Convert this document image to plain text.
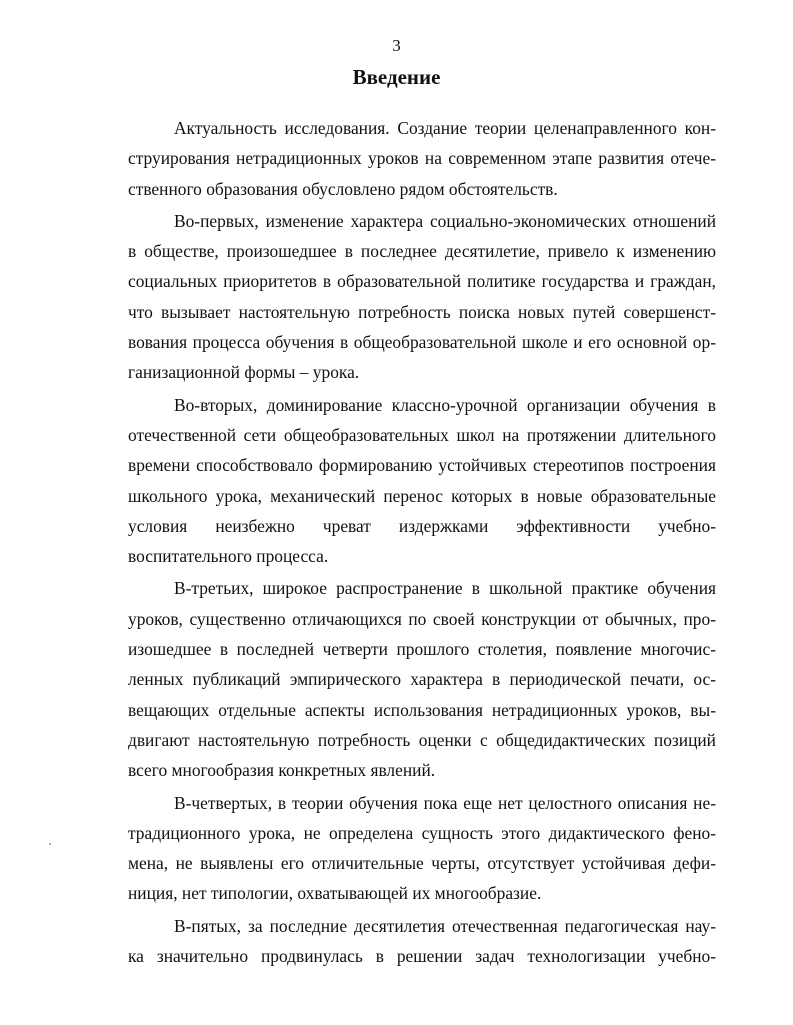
3
Введение
Актуальность исследования. Создание теории целенаправленного кон-
струирования нетрадиционных уроков на современном этапе развития отече-
ственного образования обусловлено рядом обстоятельств.
Во-первых, изменение характера социально-экономических отношений
в обществе, произошедшее в последнее десятилетие, привело к изменению
социальных приоритетов в образовательной политике государства и граждан,
что вызывает настоятельную потребность поиска новых путей совершенст-
вования процесса обучения в общеобразовательной школе и его основной ор-
ганизационной формы – урока.
Во-вторых, доминирование классно-урочной организации обучения в
отечественной сети общеобразовательных школ на протяжении длительного
времени способствовало формированию устойчивых стереотипов построения
школьного урока, механический перенос которых в новые образовательные
условия неизбежно чреват издержками эффективности учебно-
воспитательного процесса.
В-третьих, широкое распространение в школьной практике обучения
уроков, существенно отличающихся по своей конструкции от обычных, про-
изошедшее в последней четверти прошлого столетия, появление многочис-
ленных публикаций эмпирического характера в периодической печати, ос-
вещающих отдельные аспекты использования нетрадиционных уроков, вы-
двигают настоятельную потребность оценки с общедидактических позиций
всего многообразия конкретных явлений.
В-четвертых, в теории обучения пока еще нет целостного описания не-
традиционного урока, не определена сущность этого дидактического фено-
мена, не выявлены его отличительные черты, отсутствует устойчивая дефи-
ниция, нет типологии, охватывающей их многообразие.
В-пятых, за последние десятилетия отечественная педагогическая нау-
ка значительно продвинулась в решении задач технологизации учебно-
